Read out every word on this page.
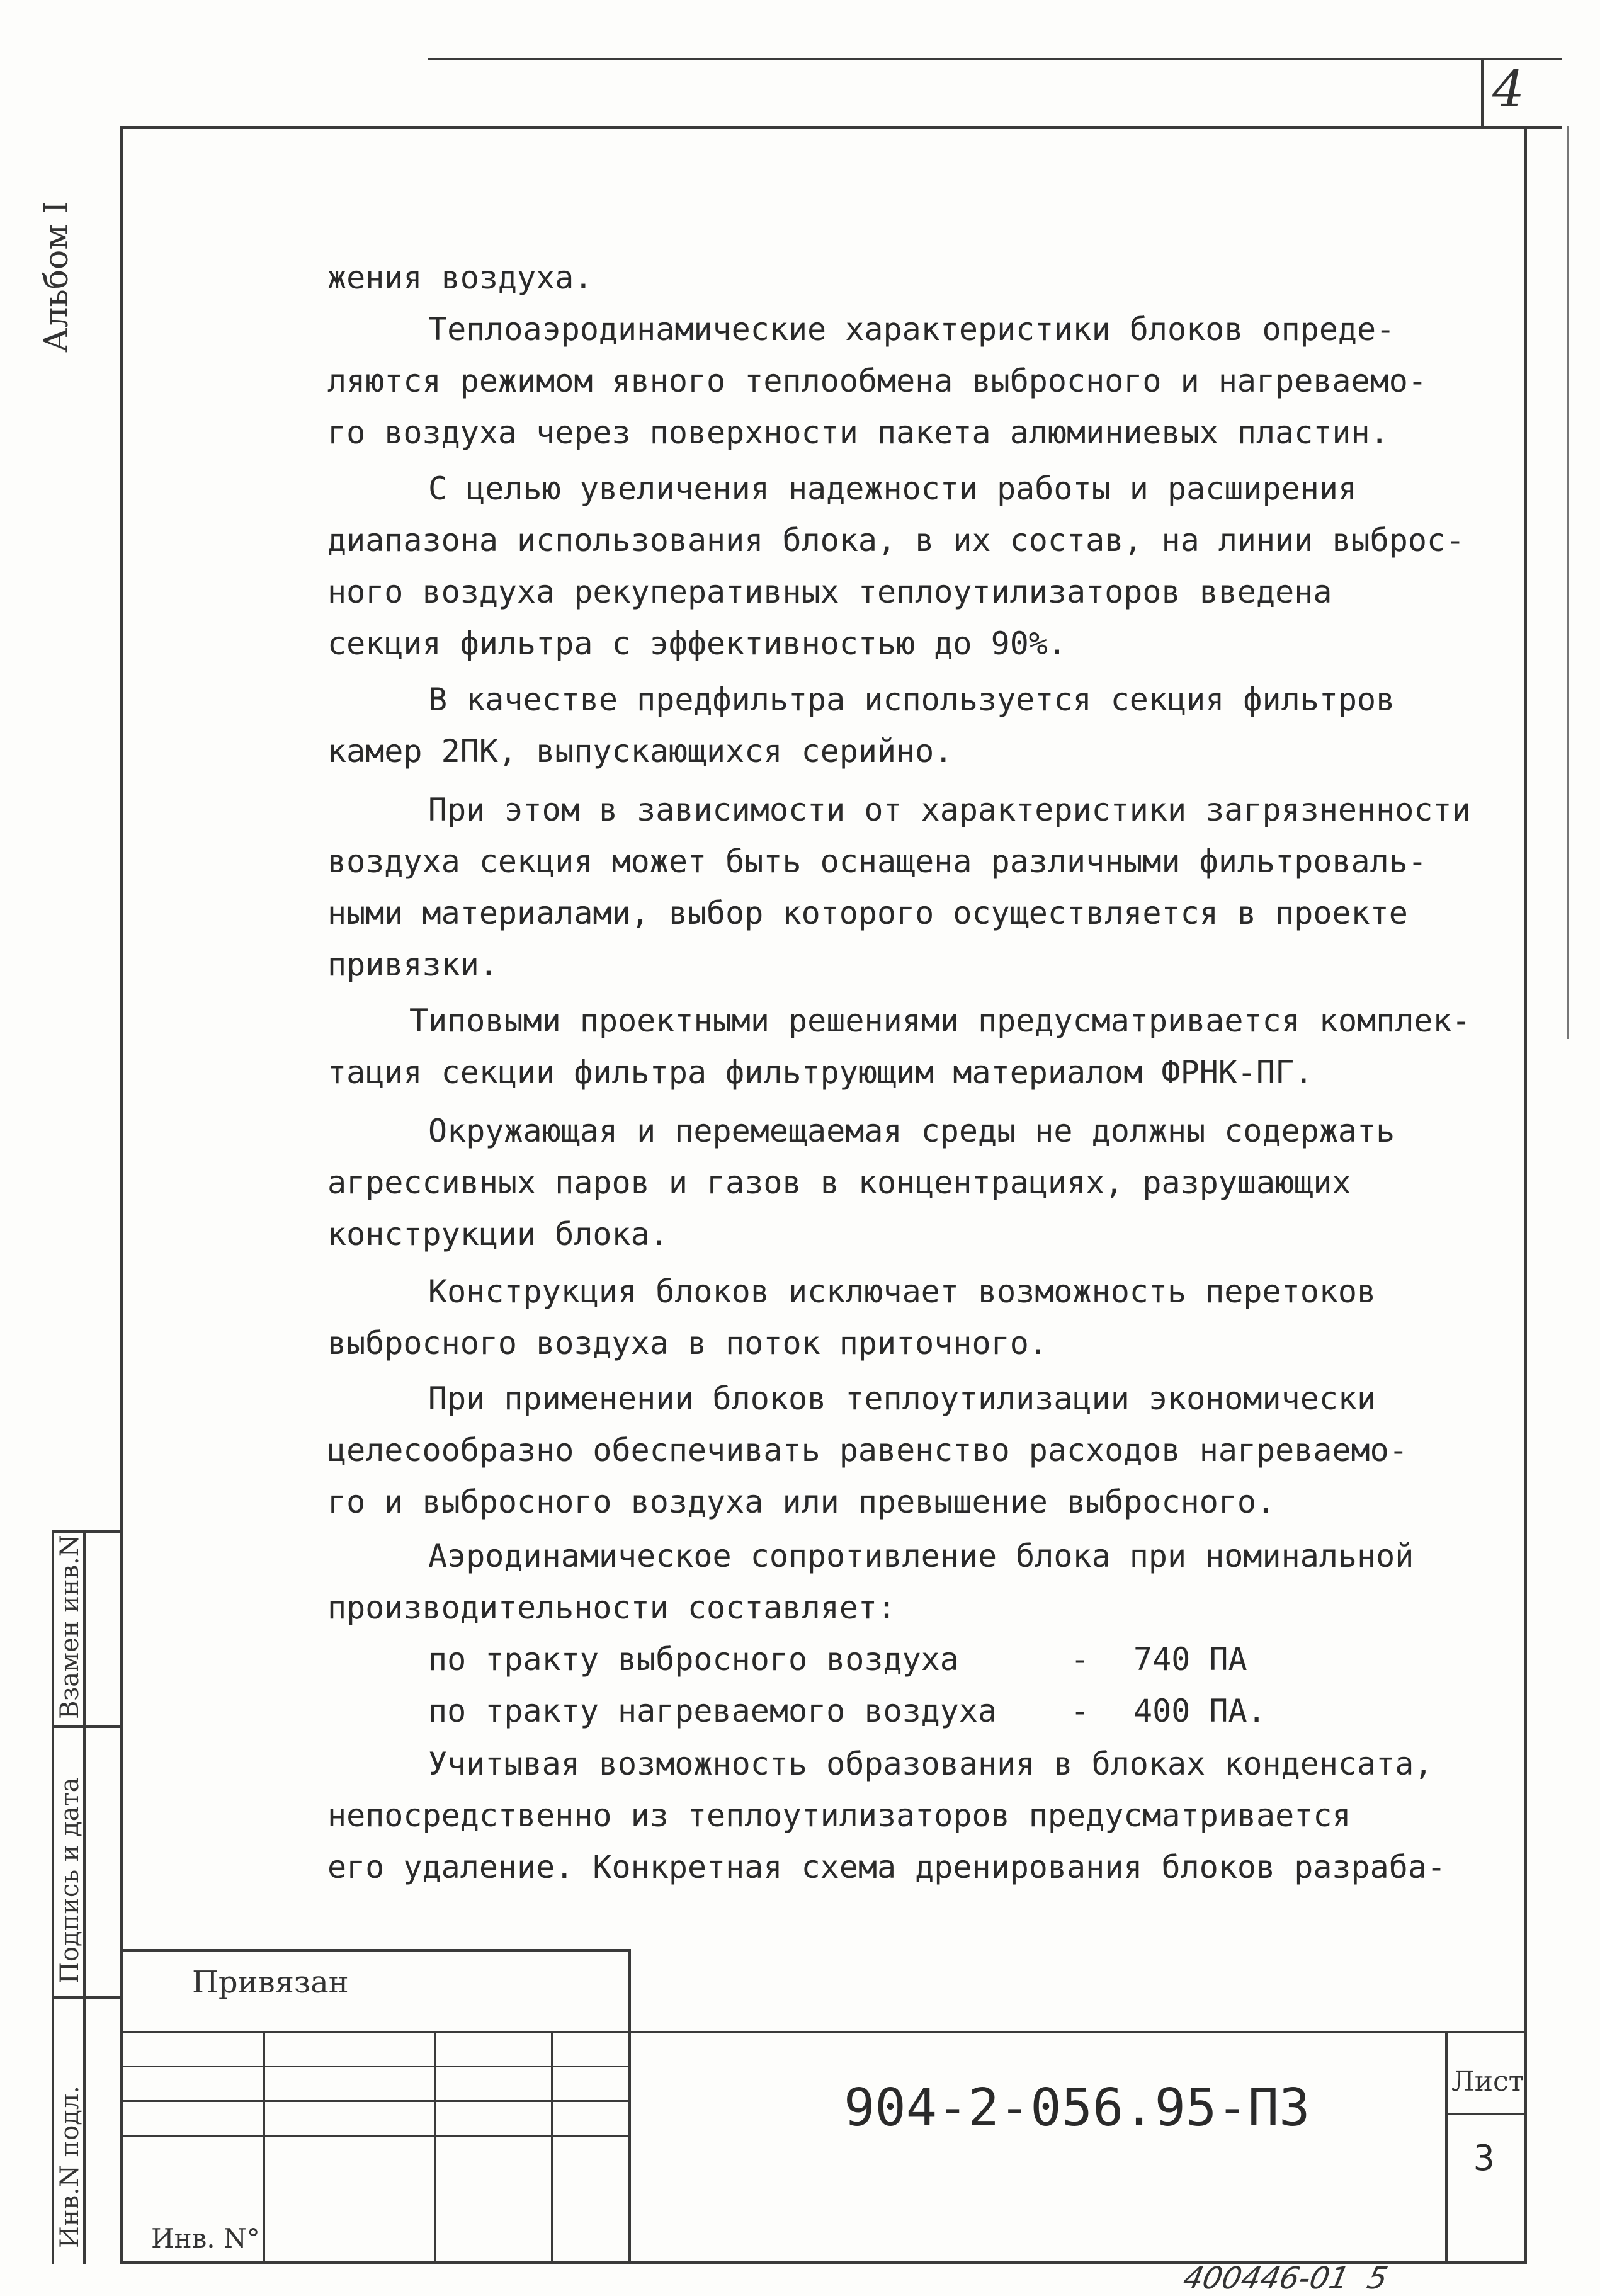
4
Альбом I
Взамен инв.N
Подпись и дата
Инв.N подл.
жения воздуха.
Теплоаэродинамические характеристики блоков опреде-
ляются режимом явного теплообмена выбросного и нагреваемо-
го воздуха через поверхности пакета алюминиевых пластин.
С целью увеличения надежности работы и расширения
диапазона использования блока, в их состав, на линии выброс-
ного воздуха рекуперативных теплоутилизаторов введена
секция фильтра с эффективностью до 90%.
В качестве предфильтра используется секция фильтров
камер 2ПК, выпускающихся серийно.
При этом в зависимости от характеристики загрязненности
воздуха секция может быть оснащена различными фильтроваль-
ными материалами, выбор которого осуществляется в проекте
привязки.
Типовыми проектными решениями предусматривается комплек-
тация секции фильтра фильтрующим материалом ФРНК-ПГ.
Окружающая и перемещаемая среды не должны содержать
агрессивных паров и газов в концентрациях, разрушающих
конструкции блока.
Конструкция блоков исключает возможность перетоков
выбросного воздуха в поток приточного.
При применении блоков теплоутилизации экономически
целесообразно обеспечивать равенство расходов нагреваемо-
го и выбросного воздуха или превышение выбросного.
Аэродинамическое сопротивление блока при номинальной
производительности составляет:
по тракту выбросного воздуха	- 740 ПА
по тракту нагреваемого воздуха - 400 ПА.
Учитывая возможность образования в блоках конденсата,
непосредственно из теплоутилизаторов предусматривается
его удаление. Конкретная схема дренирования блоков разраба-
Привязан
Инв. N°
904-2-056.95-ПЗ	Лист
3
400446-01  5
